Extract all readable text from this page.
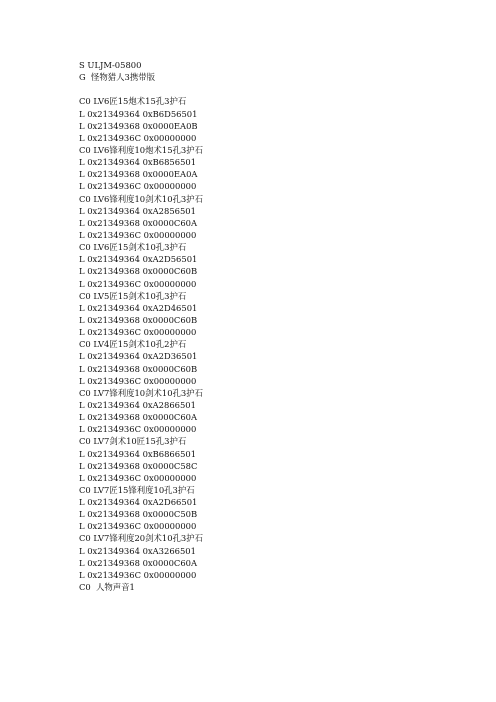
S ULJM-05800
G  怪物猎人3携带版
C0 LV6匠15炮术15孔3护石
L 0x21349364 0xB6D56501
L 0x21349368 0x0000EA0B
L 0x2134936C 0x00000000
C0 LV6锋利度10炮术15孔3护石
L 0x21349364 0xB6856501
L 0x21349368 0x0000EA0A
L 0x2134936C 0x00000000
C0 LV6锋利度10剑术10孔3护石
L 0x21349364 0xA2856501
L 0x21349368 0x0000C60A
L 0x2134936C 0x00000000
C0 LV6匠15剑术10孔3护石
L 0x21349364 0xA2D56501
L 0x21349368 0x0000C60B
L 0x2134936C 0x00000000
C0 LV5匠15剑术10孔3护石
L 0x21349364 0xA2D46501
L 0x21349368 0x0000C60B
L 0x2134936C 0x00000000
C0 LV4匠15剑术10孔2护石
L 0x21349364 0xA2D36501
L 0x21349368 0x0000C60B
L 0x2134936C 0x00000000
C0 LV7锋利度10剑术10孔3护石
L 0x21349364 0xA2866501
L 0x21349368 0x0000C60A
L 0x2134936C 0x00000000
C0 LV7剑术10匠15孔3护石
L 0x21349364 0xB6866501
L 0x21349368 0x0000C58C
L 0x2134936C 0x00000000
C0 LV7匠15锋利度10孔3护石
L 0x21349364 0xA2D66501
L 0x21349368 0x0000C50B
L 0x2134936C 0x00000000
C0 LV7锋利度20剑术10孔3护石
L 0x21349364 0xA3266501
L 0x21349368 0x0000C60A
L 0x2134936C 0x00000000
C0  人物声音1
